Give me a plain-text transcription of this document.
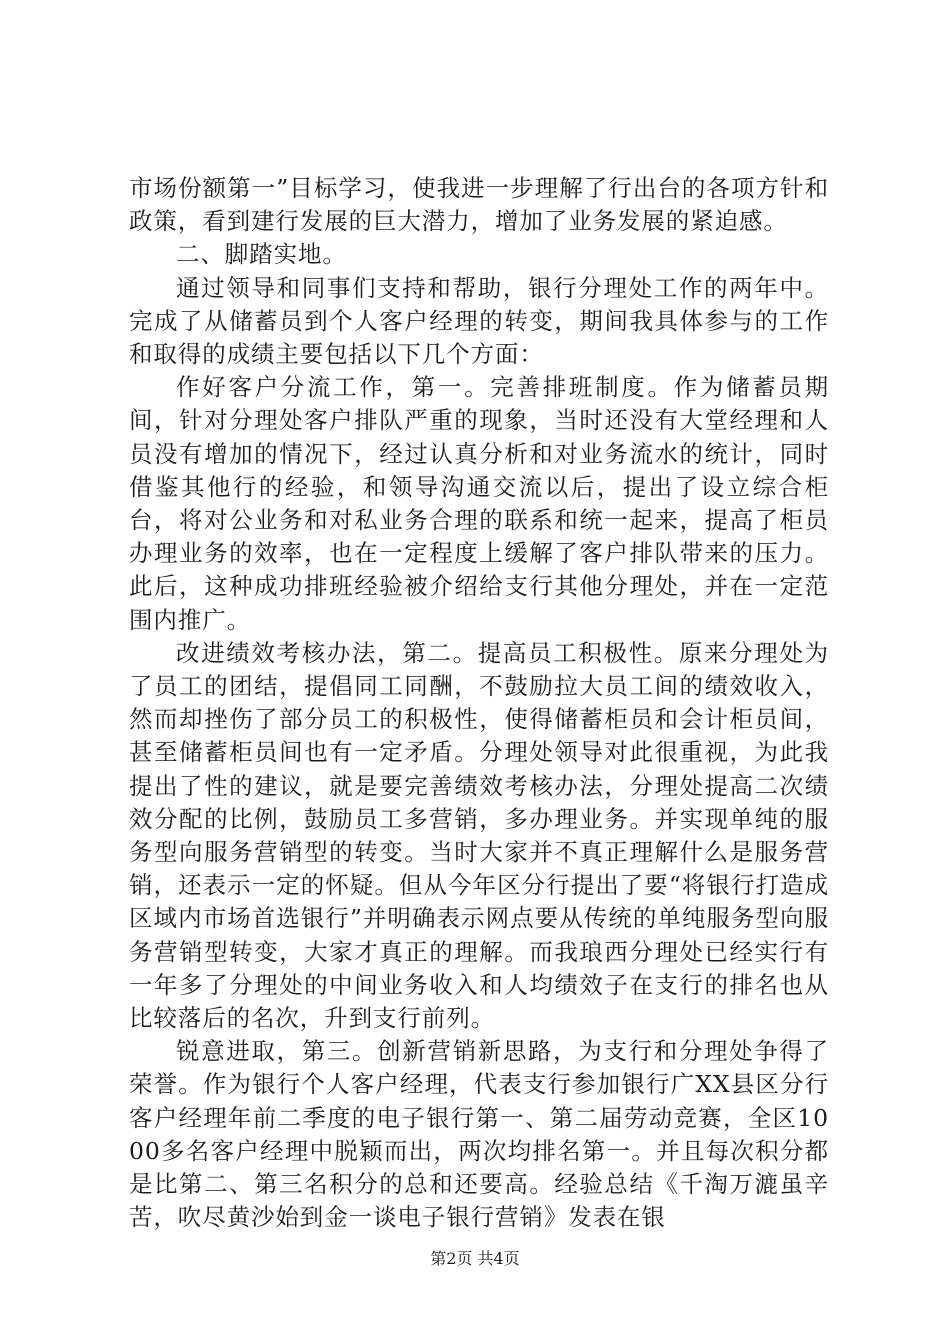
市场份额第一”目标学习，使我进一步理解了行出台的各项方针和政策，看到建行发展的巨大潜力，增加了业务发展的紧迫感。

二、脚踏实地。

通过领导和同事们支持和帮助，银行分理处工作的两年中。完成了从储蓄员到个人客户经理的转变，期间我具体参与的工作和取得的成绩主要包括以下几个方面：

作好客户分流工作，第一。完善排班制度。作为储蓄员期间，针对分理处客户排队严重的现象，当时还没有大堂经理和人员没有增加的情况下，经过认真分析和对业务流水的统计，同时借鉴其他行的经验，和领导沟通交流以后，提出了设立综合柜台，将对公业务和对私业务合理的联系和统一起来，提高了柜员办理业务的效率，也在一定程度上缓解了客户排队带来的压力。此后，这种成功排班经验被介绍给支行其他分理处，并在一定范围内推广。

改进绩效考核办法，第二。提高员工积极性。原来分理处为了员工的团结，提倡同工同酬，不鼓励拉大员工间的绩效收入，然而却挫伤了部分员工的积极性，使得储蓄柜员和会计柜员间，甚至储蓄柜员间也有一定矛盾。分理处领导对此很重视，为此我提出了性的建议，就是要完善绩效考核办法，分理处提高二次绩效分配的比例，鼓励员工多营销，多办理业务。并实现单纯的服务型向服务营销型的转变。当时大家并不真正理解什么是服务营销，还表示一定的怀疑。但从今年区分行提出了要“将银行打造成区域内市场首选银行”并明确表示网点要从传统的单纯服务型向服务营销型转变，大家才真正的理解。而我琅西分理处已经实行有一年多了分理处的中间业务收入和人均绩效子在支行的排名也从比较落后的名次，升到支行前列。

锐意进取，第三。创新营销新思路，为支行和分理处争得了荣誉。作为银行个人客户经理，代表支行参加银行广XX县区分行客户经理年前二季度的电子银行第一、第二届劳动竞赛，全区1000多名客户经理中脱颖而出，两次均排名第一。并且每次积分都是比第二、第三名积分的总和还要高。经验总结《千淘万漉虽辛苦，吹尽黄沙始到金一谈电子银行营销》发表在银

第2页 共4页
